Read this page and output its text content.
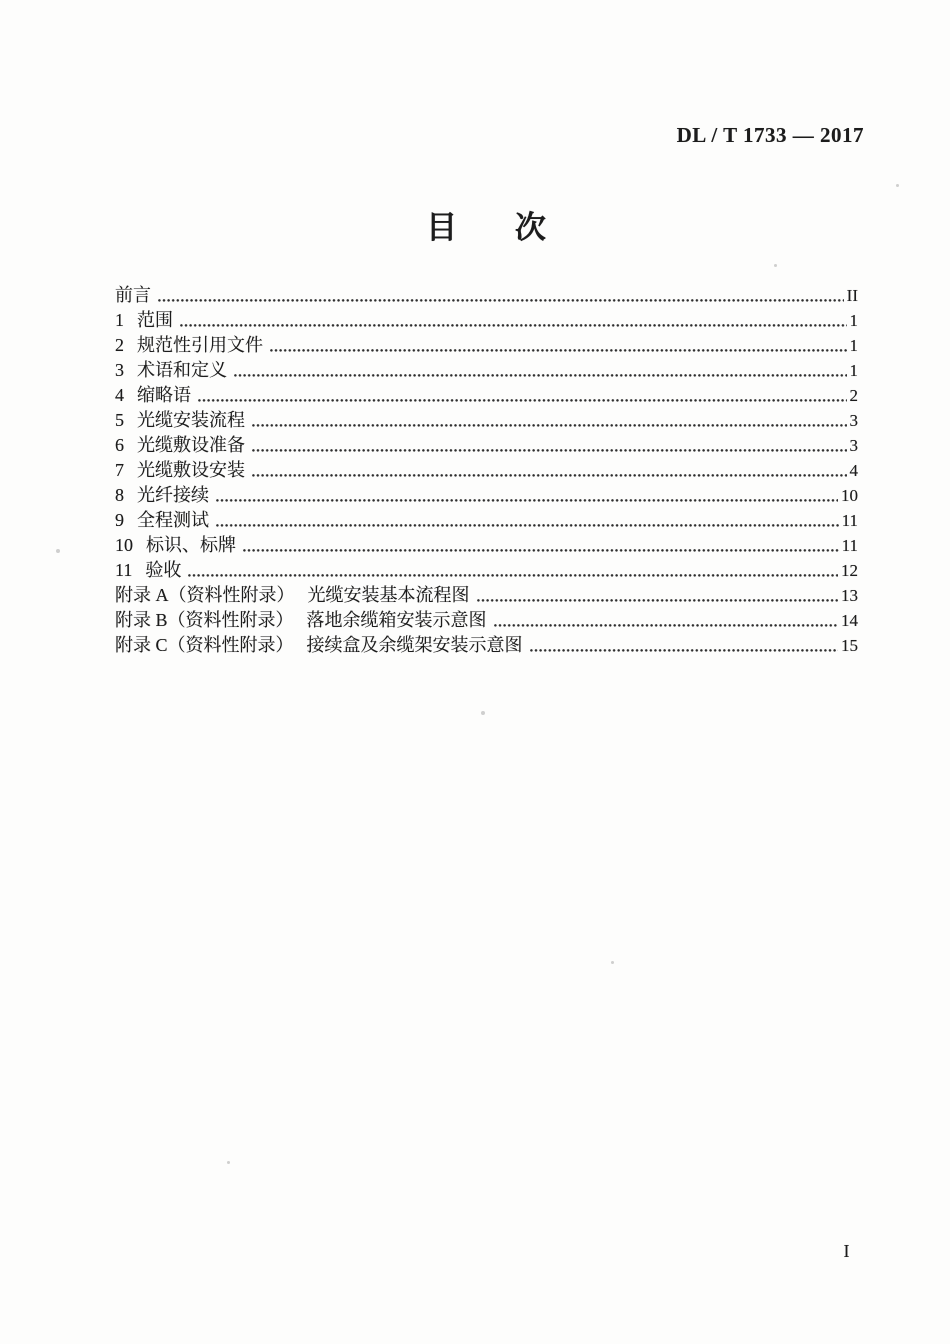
DL / T 1733 — 2017
目 次
前言	II
1 范围	1
2 规范性引用文件	1
3 术语和定义	1
4 缩略语	2
5 光缆安装流程	3
6 光缆敷设准备	3
7 光缆敷设安装	4
8 光纤接续	10
9 全程测试	11
10 标识、标牌	11
11 验收	12
附录 A（资料性附录） 光缆安装基本流程图	13
附录 B（资料性附录） 落地余缆箱安装示意图	14
附录 C（资料性附录） 接续盒及余缆架安装示意图	15
I
